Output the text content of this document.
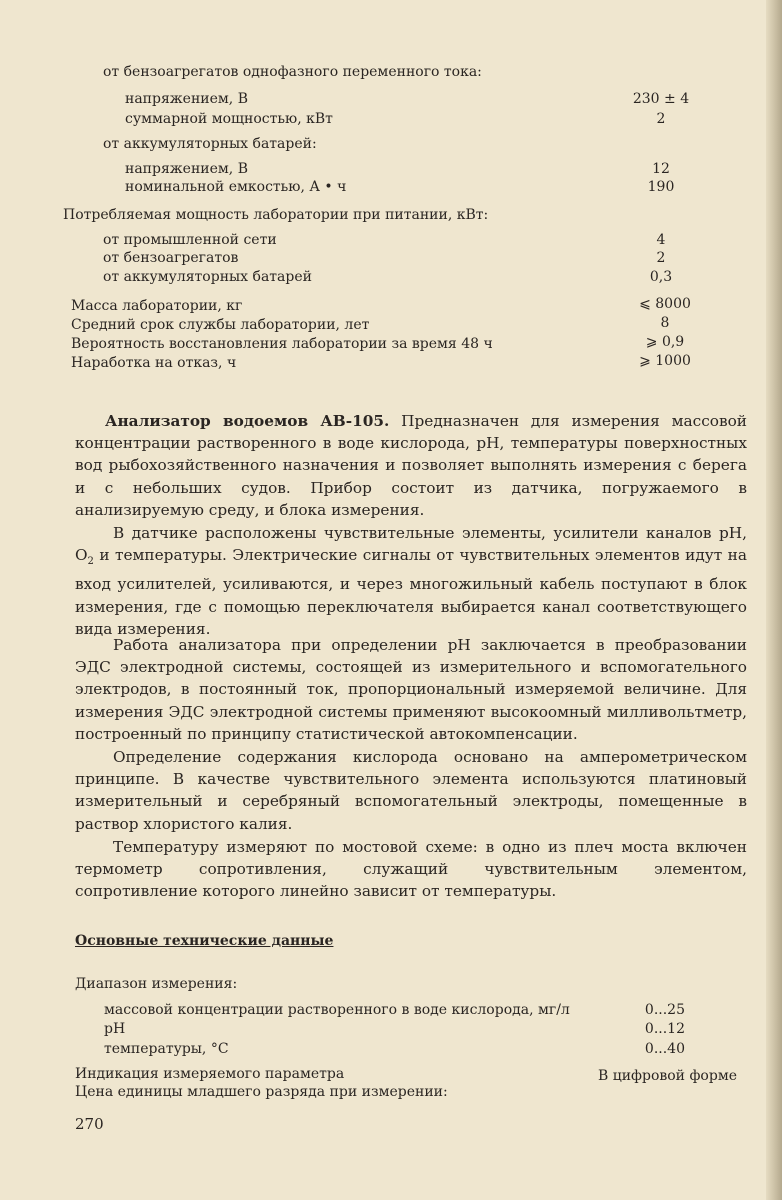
от бензоагрегатов однофазного переменного тока:
напряжением, В	230 ± 4
суммарной мощностью, кВт	2
от аккумуляторных батарей:
напряжением, В	12
номинальной емкостью, А • ч	190
Потребляемая мощность лаборатории при питании, кВт:
от промышленной сети	4
от бензоагрегатов	2
от аккумуляторных батарей	0,3
Масса лаборатории, кг	⩽ 8000
Средний срок службы лаборатории, лет	8
Вероятность восстановления лаборатории за время 48 ч	⩾ 0,9
Наработка на отказ, ч	⩾ 1000
Анализатор водоемов АВ-105. Предназначен для измерения массовой концентрации растворенного в воде кислорода, pH, температуры поверхностных вод рыбохозяйственного назначения и позволяет выполнять измерения с берега и с небольших судов. Прибор состоит из датчика, погружаемого в анализируемую среду, и блока измерения.
В датчике расположены чувствительные элементы, усилители каналов pH, $O_2$ и температуры. Электрические сигналы от чувствительных элементов идут на вход усилителей, усиливаются, и через многожильный кабель поступают в блок измерения, где с помощью переключателя выбирается канал соответствующего вида измерения.
Работа анализатора при определении pH заключается в преобразовании ЭДС электродной системы, состоящей из измерительного и вспомогательного электродов, в постоянный ток, пропорциональный измеряемой величине. Для измерения ЭДС электродной системы применяют высокоомный милливольтметр, построенный по принципу статистической автокомпенсации.
Определение содержания кислорода основано на амперометрическом принципе. В качестве чувствительного элемента используются платиновый измерительный и серебряный вспомогательный электроды, помещенные в раствор хлористого калия.
Температуру измеряют по мостовой схеме: в одно из плеч моста включен термометр сопротивления, служащий чувствительным элементом, сопротивление которого линейно зависит от температуры.
Основные технические данные
Диапазон измерения:
массовой концентрации растворенного в воде кислорода, мг/л	0...25
pH	0...12
температуры, °С	0...40
Индикация измеряемого параметра	В цифровой форме
Цена единицы младшего разряда при измерении:
270
